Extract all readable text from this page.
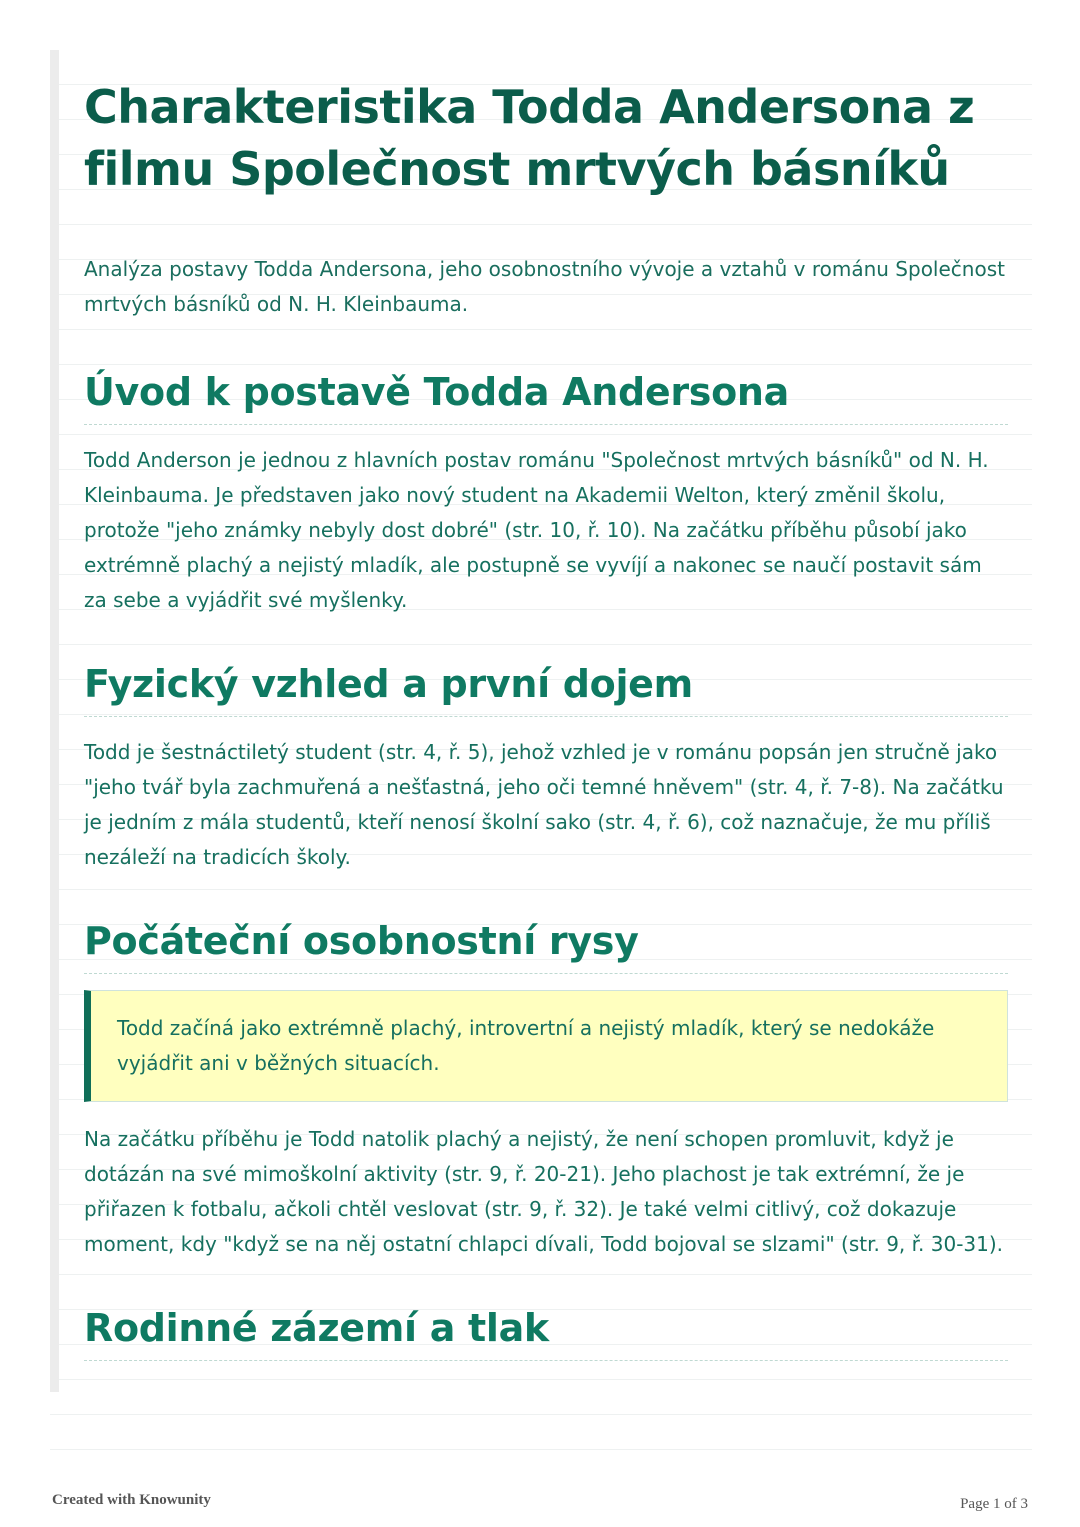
Charakteristika Todda Andersona z filmu Společnost mrtvých básníků

Analýza postavy Todda Andersona, jeho osobnostního vývoje a vztahů v románu Společnost mrtvých básníků od N. H. Kleinbauma.

Úvod k postavě Todda Andersona

Todd Anderson je jednou z hlavních postav románu "Společnost mrtvých básníků" od N. H. Kleinbauma. Je představen jako nový student na Akademii Welton, který změnil školu, protože "jeho známky nebyly dost dobré" (str. 10, ř. 10). Na začátku příběhu působí jako extrémně plachý a nejistý mladík, ale postupně se vyvíjí a nakonec se naučí postavit sám za sebe a vyjádřit své myšlenky.

Fyzický vzhled a první dojem

Todd je šestnáctiletý student (str. 4, ř. 5), jehož vzhled je v románu popsán jen stručně jako "jeho tvář byla zachmuřená a nešťastná, jeho oči temné hněvem" (str. 4, ř. 7-8). Na začátku je jedním z mála studentů, kteří nenosí školní sako (str. 4, ř. 6), což naznačuje, že mu příliš nezáleží na tradicích školy.

Počáteční osobnostní rysy
Todd začíná jako extrémně plachý, introvertní a nejistý mladík, který se nedokáže vyjádřit ani v běžných situacích.

Na začátku příběhu je Todd natolik plachý a nejistý, že není schopen promluvit, když je dotázán na své mimoškolní aktivity (str. 9, ř. 20-21). Jeho plachost je tak extrémní, že je přiřazen k fotbalu, ačkoli chtěl veslovat (str. 9, ř. 32). Je také velmi citlivý, což dokazuje moment, kdy "když se na něj ostatní chlapci dívali, Todd bojoval se slzami" (str. 9, ř. 30-31).

Rodinné zázemí a tlak
Created with Knowunity	Page 1 of 3
